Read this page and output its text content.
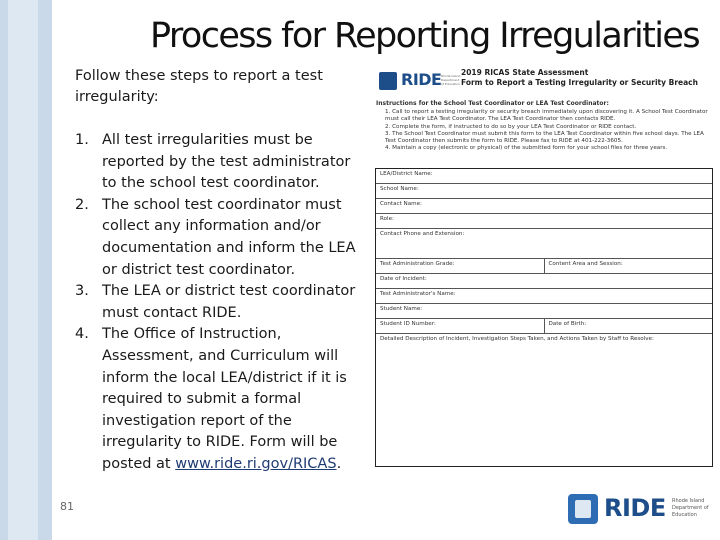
Process for Reporting Irregularities
Follow these steps to report a test irregularity:
1. All test irregularities must be reported by the test administrator to the school test coordinator.
2. The school test coordinator must collect any information and/or documentation and inform the LEA or district test coordinator.
3. The LEA or district test coordinator must contact RIDE.
4. The Office of Instruction, Assessment, and Curriculum will inform the local LEA/district if it is required to submit a formal investigation report of the irregularity to RIDE. Form will be posted at www.ride.ri.gov/RICAS.
81
RIDE Rhode Island Department of Education
2019 RICAS State Assessment
Form to Report a Testing Irregularity or Security Breach
Instructions for the School Test Coordinator or LEA Test Coordinator:
1. Call to report a testing irregularity or security breach immediately upon discovering it. A School Test Coordinator must call their LEA Test Coordinator. The LEA Test Coordinator then contacts RIDE.
2. Complete the form, if instructed to do so by your LEA Test Coordinator or RIDE contact.
3. The School Test Coordinator must submit this form to the LEA Test Coordinator within five school days. The LEA Test Coordinator then submits the form to RIDE. Please fax to RIDE at 401-222-3605.
4. Maintain a copy (electronic or physical) of the submitted form for your school files for three years.
LEA/District Name:
School Name:
Contact Name:
Role:
Contact Phone and Extension:
Test Administration Grade:	Content Area and Session:
Date of Incident:
Test Administrator's Name:
Student Name:
Student ID Number:	Date of Birth:
Detailed Description of Incident, Investigation Steps Taken, and Actions Taken by Staff to Resolve:
RIDE Rhode Island Department of Education
